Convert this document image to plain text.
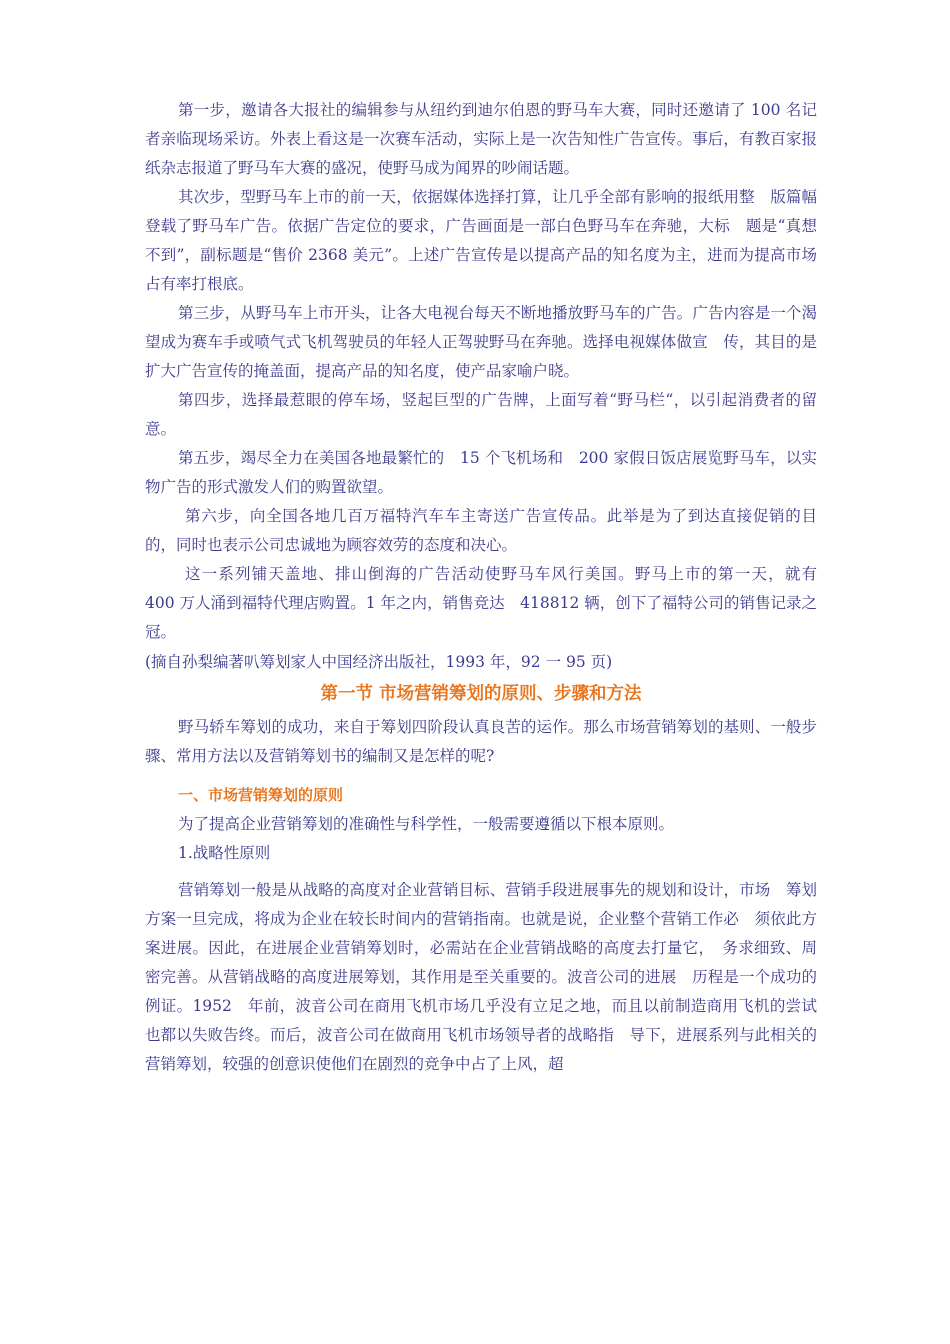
第一步，邀请各大报社的编辑参与从纽约到迪尔伯恩的野马车大赛，同时还邀请了 100 名记者亲临现场采访。外表上看这是一次赛车活动，实际上是一次告知性广告宣传。事后，有教百家报纸杂志报道了野马车大赛的盛况，使野马成为闻界的吵闹话题。

其次步，型野马车上市的前一天，依据媒体选择打算，让几乎全部有影响的报纸用整　版篇幅登载了野马车广告。依据广告定位的要求，广告画面是一部白色野马车在奔驰，大标　题是“真想不到”，副标题是“售价 2368 美元”。上述广告宣传是以提高产品的知名度为主，进而为提高市场占有率打根底。

第三步，从野马车上市开头，让各大电视台每天不断地播放野马车的广告。广告内容是一个渴望成为赛车手或喷气式飞机驾驶员的年轻人正驾驶野马在奔驰。选择电视媒体做宣　传，其目的是扩大广告宣传的掩盖面，提高产品的知名度，使产品家喻户晓。

第四步，选择最惹眼的停车场，竖起巨型的广告牌，上面写着“野马栏“，以引起消费者的留意。

第五步，竭尽全力在美国各地最繁忙的　15 个飞机场和　200 家假日饭店展览野马车，以实物广告的形式激发人们的购置欲望。

第六步，向全国各地几百万福特汽车车主寄送广告宣传品。此举是为了到达直接促销的目的，同时也表示公司忠诚地为顾容效劳的态度和决心。

这一系列铺天盖地、排山倒海的广告活动使野马车风行美国。野马上市的第一天，就有　400 万人涌到福特代理店购置。1 年之内，销售竞达　418812 辆，创下了福特公司的销售记录之冠。

(摘自孙梨编著叭筹划家人中国经济出版社，1993 年，92 一 95 页)

第一节 市场营销筹划的原则、步骤和方法

野马轿车筹划的成功，来自于筹划四阶段认真良苦的运作。那么市场营销筹划的基则、一般步骤、常用方法以及营销筹划书的编制又是怎样的呢?

一、市场营销筹划的原则

为了提高企业营销筹划的准确性与科学性，一般需要遵循以下根本原则。

1.战略性原则

营销筹划一般是从战略的高度对企业营销目标、营销手段进展事先的规划和设计，市场　筹划方案一旦完成，将成为企业在较长时间内的营销指南。也就是说，企业整个营销工作必　须依此方案进展。因此，在进展企业营销筹划时，必需站在企业营销战略的高度去打量它，　务求细致、周密完善。从营销战略的高度进展筹划，其作用是至关重要的。波音公司的进展　历程是一个成功的例证。1952　年前，波音公司在商用飞机市场几乎没有立足之地，而且以前制造商用飞机的尝试也都以失败告终。而后，波音公司在做商用飞机市场领导者的战略指　导下，进展系列与此相关的营销筹划，较强的创意识使他们在剧烈的竞争中占了上风，超
